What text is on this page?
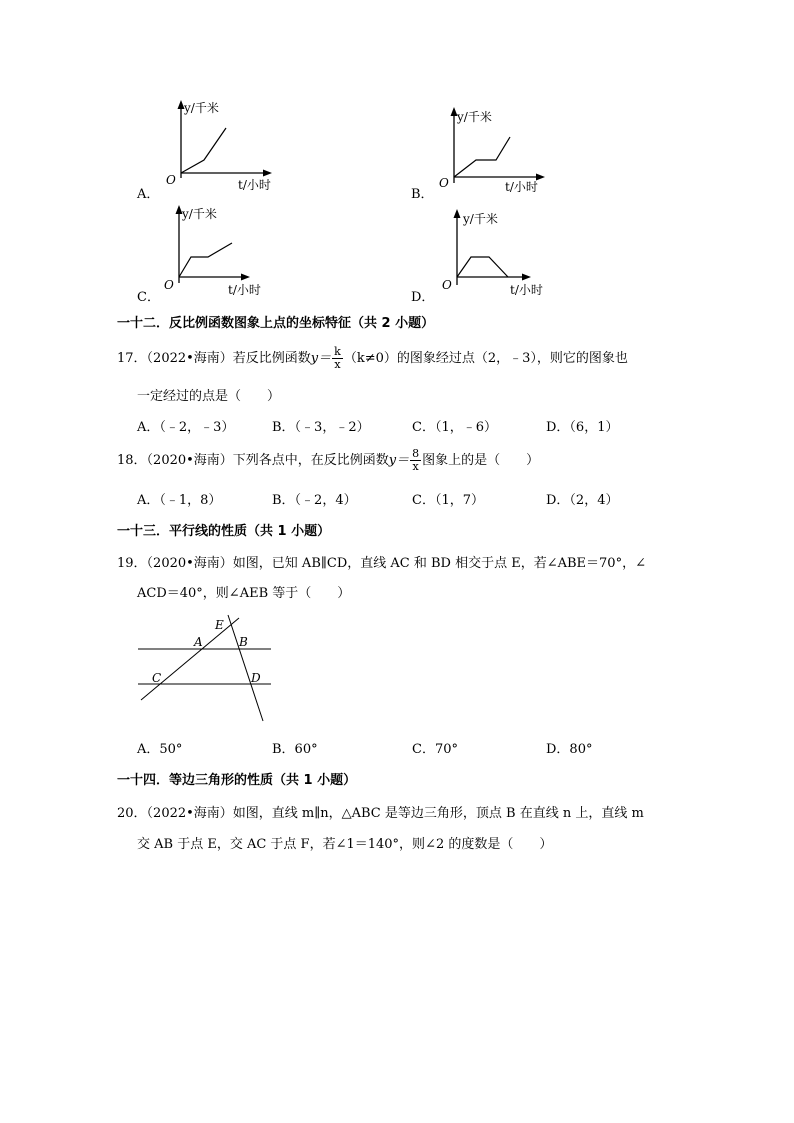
A．
y/千米
O	t/小时
B．
y/千米
O	t/小时
C．
y/千米
O	t/小时	D．
y/千米
O	t/小时
一十二．反比例函数图象上点的坐标特征（共 2 小题）
17．（2022•海南）若反比例函数$y= \frac{k}{x} (k\ne 0)$的图象经过点（2，﹣3），则它的图象也
一定经过的点是（　　）
A．（﹣2，﹣3）	B．（﹣3，﹣2）	C．（1，﹣6）	D．（6，1）
18．（2020•海南）下列各点中，在反比例函数$y= \frac{8}{x}$ 图象上的是（　　）
A．（﹣1，8）	B．（﹣2，4）	C．（1，7）	D．（2，4）
一十三．平行线的性质（共 1 小题）
19．（2020•海南）如图，已知 AB∥CD，直线 AC 和 BD 相交于点 E，若∠ABE＝70°，∠
ACD＝40°，则∠AEB 等于（　　）
E
A	B
C	D
A．50°	B．60°	C．70°	D．80°
一十四．等边三角形的性质（共 1 小题）
20．（2022•海南）如图，直线 m∥n，△ABC 是等边三角形，顶点 B 在直线 n 上，直线 m
交 AB 于点 E，交 AC 于点 F，若∠1＝140°，则∠2 的度数是（　　）
